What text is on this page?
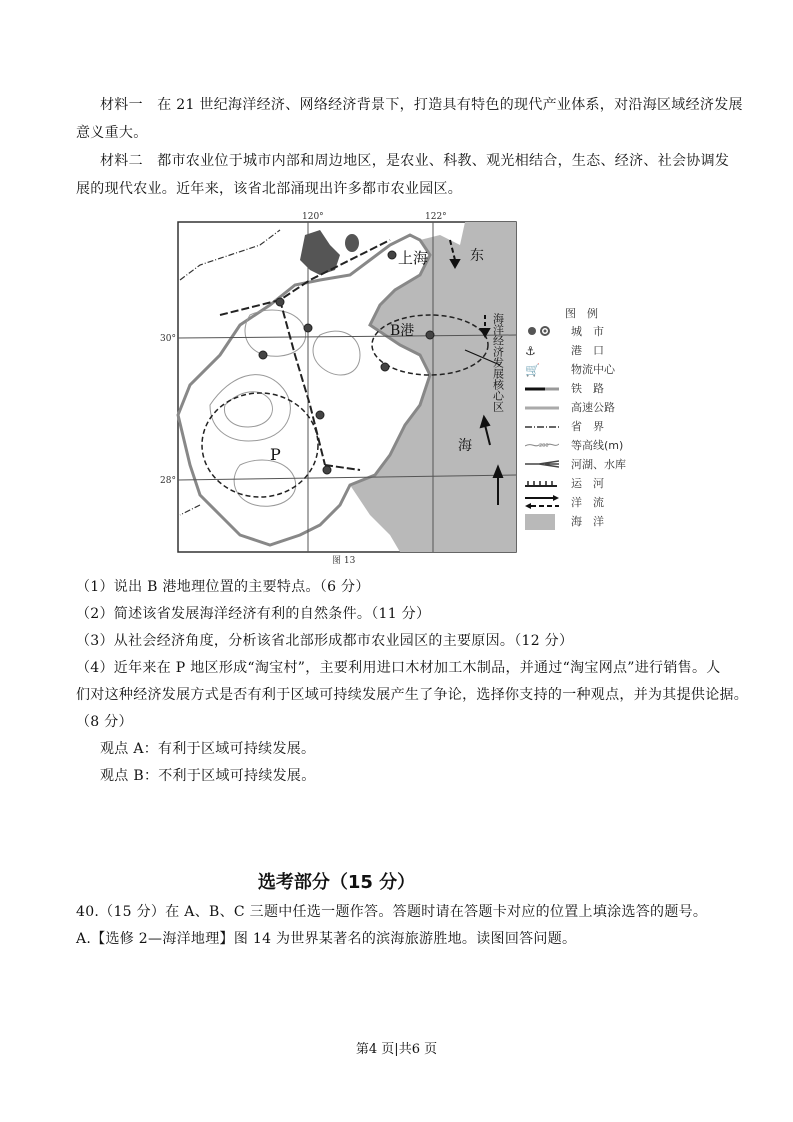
材料一　在 21 世纪海洋经济、网络经济背景下，打造具有特色的现代产业体系，对沿海区域经济发展
意义重大。
材料二　都市农业位于城市内部和周边地区，是农业、科教、观光相结合，生态、经济、社会协调发
展的现代农业。近年来，该省北部涌现出许多都市农业园区。
120°	122°
30°
28°
上海	东
海
B港
P
海洋经济发展核心区
图 13
图　例
城　市
⚓	港　口
🛒	物流中心
铁　路
高速公路
省　界
200 等高线(m)
河湖、水库
运　河
洋　流
海　洋
（1）说出 B 港地理位置的主要特点。（6 分）
（2）简述该省发展海洋经济有利的自然条件。（11 分）
（3）从社会经济角度，分析该省北部形成都市农业园区的主要原因。（12 分）
（4）近年来在 P 地区形成“淘宝村”，主要利用进口木材加工木制品，并通过“淘宝网点”进行销售。人
们对这种经济发展方式是否有利于区域可持续发展产生了争论，选择你支持的一种观点，并为其提供论据。
（8 分）
观点 A：有利于区域可持续发展。
观点 B：不利于区域可持续发展。
选考部分（15 分）
40.（15 分）在 A、B、C 三题中任选一题作答。答题时请在答题卡对应的位置上填涂选答的题号。
A.【选修 2—海洋地理】图 14 为世界某著名的滨海旅游胜地。读图回答问题。
第4 页|共6 页
